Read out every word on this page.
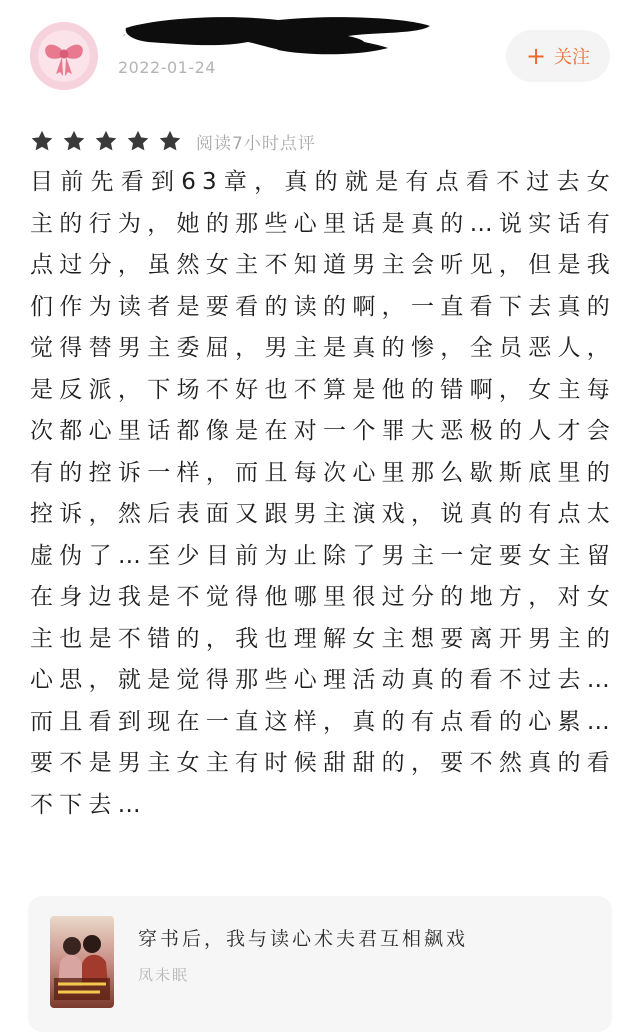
·
2022-01-24	+ 关注
阅读7小时点评
目前先看到63章，真的就是有点看不过去女主的行为，她的那些心里话是真的…说实话有点过分，虽然女主不知道男主会听见，但是我们作为读者是要看的读的啊，一直看下去真的觉得替男主委屈，男主是真的惨，全员恶人，是反派，下场不好也不算是他的错啊，女主每次都心里话都像是在对一个罪大恶极的人才会有的控诉一样，而且每次心里那么歇斯底里的控诉，然后表面又跟男主演戏，说真的有点太虚伪了…至少目前为止除了男主一定要女主留在身边我是不觉得他哪里很过分的地方，对女主也是不错的，我也理解女主想要离开男主的心思，就是觉得那些心理活动真的看不过去…而且看到现在一直这样，真的有点看的心累…要不是男主女主有时候甜甜的，要不然真的看不下去…
穿书后，我与读心术夫君互相飙戏
凤未眠
